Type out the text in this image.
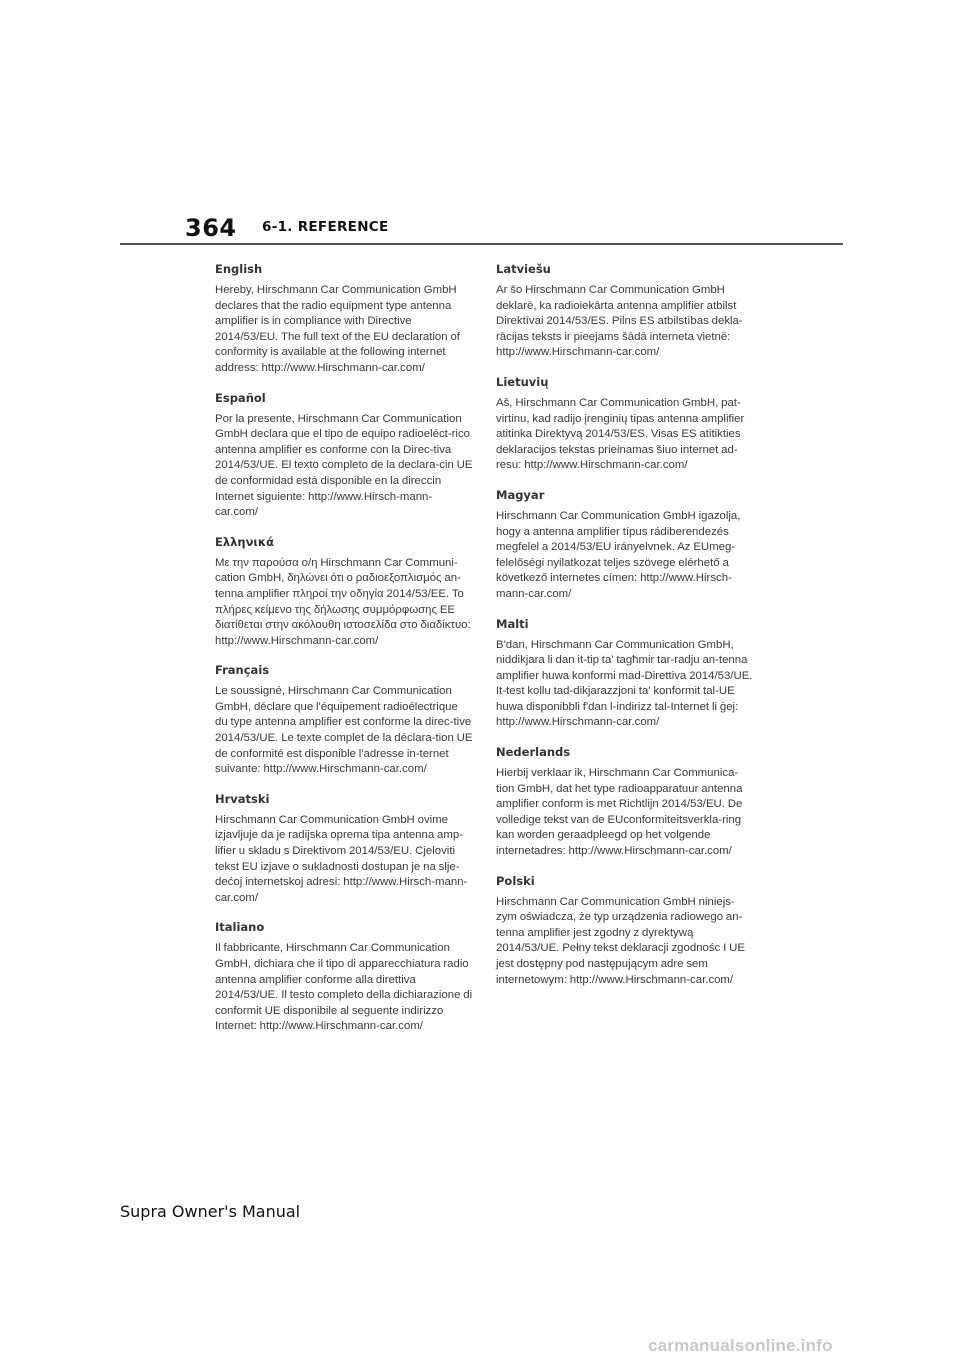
364 6-1. REFERENCE
English

Hereby, Hirschmann Car Communication GmbH declares that the radio equipment type antenna amplifier is in compliance with Directive 2014/53/EU. The full text of the EU declaration of conformity is available at the following internet address: http://www.Hirschmann-car.com/

Español

Por la presente, Hirschmann Car Communication GmbH declara que el tipo de equipo radioeléct-rico antenna amplifier es conforme con la Direc-tiva 2014/53/UE. El texto completo de la declara-cin UE de conformidad está disponible en la direccin Internet siguiente: http://www.Hirsch-mann-car.com/

Ελληνικά

Με την παρούσα ο/η Hirschmann Car Communi-cation GmbH, δηλώνει ότι ο ραδιοεξοπλισμός an-tenna amplifier πληροί την οδηγία 2014/53/ΕΕ. Το πλήρες κείμενο της δήλωσης συμμόρφωσης ΕΕ διατίθεται στην ακόλουθη ιστοσελίδα στο διαδίκτυο: http://www.Hirschmann-car.com/

Français

Le soussigné, Hirschmann Car Communication GmbH, déclare que l'équipement radioélectrique du type antenna amplifier est conforme la direc-tive 2014/53/UE. Le texte complet de la déclara-tion UE de conformité est disponible l'adresse in-ternet suivante: http://www.Hirschmann-car.com/

Hrvatski

Hirschmann Car Communication GmbH ovime izjavljuje da je radijska oprema tipa antenna amp-lifier u skladu s Direktivom 2014/53/EU. Cjeloviti tekst EU izjave o sukladnosti dostupan je na slje-dećoj internetskoj adresi: http://www.Hirsch-mann-car.com/

Italiano

Il fabbricante, Hirschmann Car Communication GmbH, dichiara che il tipo di apparecchiatura radio antenna amplifier conforme alla direttiva 2014/53/UE. Il testo completo della dichiarazione di conformit UE disponibile al seguente indirizzo Internet: http://www.Hirschmann-car.com/

Latviešu

Ar šo Hirschmann Car Communication GmbH deklarē, ka radioiekārta antenna amplifier atbilst Direktīvai 2014/53/ES. Pilns ES atbilstības dekla-rācijas teksts ir pieejams šādā interneta vietnē: http://www.Hirschmann-car.com/

Lietuvių

Aš, Hirschmann Car Communication GmbH, pat-virtinu, kad radijo įrenginių tipas antenna amplifier atitinka Direktyvą 2014/53/ES. Visas ES atitikties deklaracijos tekstas prieinamas šiuo internet ad-resu: http://www.Hirschmann-car.com/

Magyar

Hirschmann Car Communication GmbH igazolja, hogy a antenna amplifier típus rádiberendezés megfelel a 2014/53/EU irányelvnek. Az EUmeg-felelőségi nyilatkozat teljes szövege elérhető a következő internetes címen: http://www.Hirsch-mann-car.com/

Malti

B'dan, Hirschmann Car Communication GmbH, niddikjara li dan it-tip ta' tagħmir tar-radju an-tenna amplifier huwa konformi mad-Direttiva 2014/53/UE. It-test kollu tad-dikjarazzjoni ta' konformit tal-UE huwa disponibbli f'dan l-indirizz tal-Internet li ġej: http://www.Hirschmann-car.com/

Nederlands

Hierbij verklaar ik, Hirschmann Car Communica-tion GmbH, dat het type radioapparatuur antenna amplifier conform is met Richtlijn 2014/53/EU. De volledige tekst van de EUconformiteitsverkla-ring kan worden geraadpleegd op het volgende internetadres: http://www.Hirschmann-car.com/

Polski

Hirschmann Car Communication GmbH niniejs-zym oświadcza, że typ urządzenia radiowego an-tenna amplifier jest zgodny z dyrektywą 2014/53/UE. Pełny tekst deklaracji zgodnośc I UE jest dostępny pod następującym adre sem internetowym: http://www.Hirschmann-car.com/

Supra Owner's Manual
carmanualsonline.info
